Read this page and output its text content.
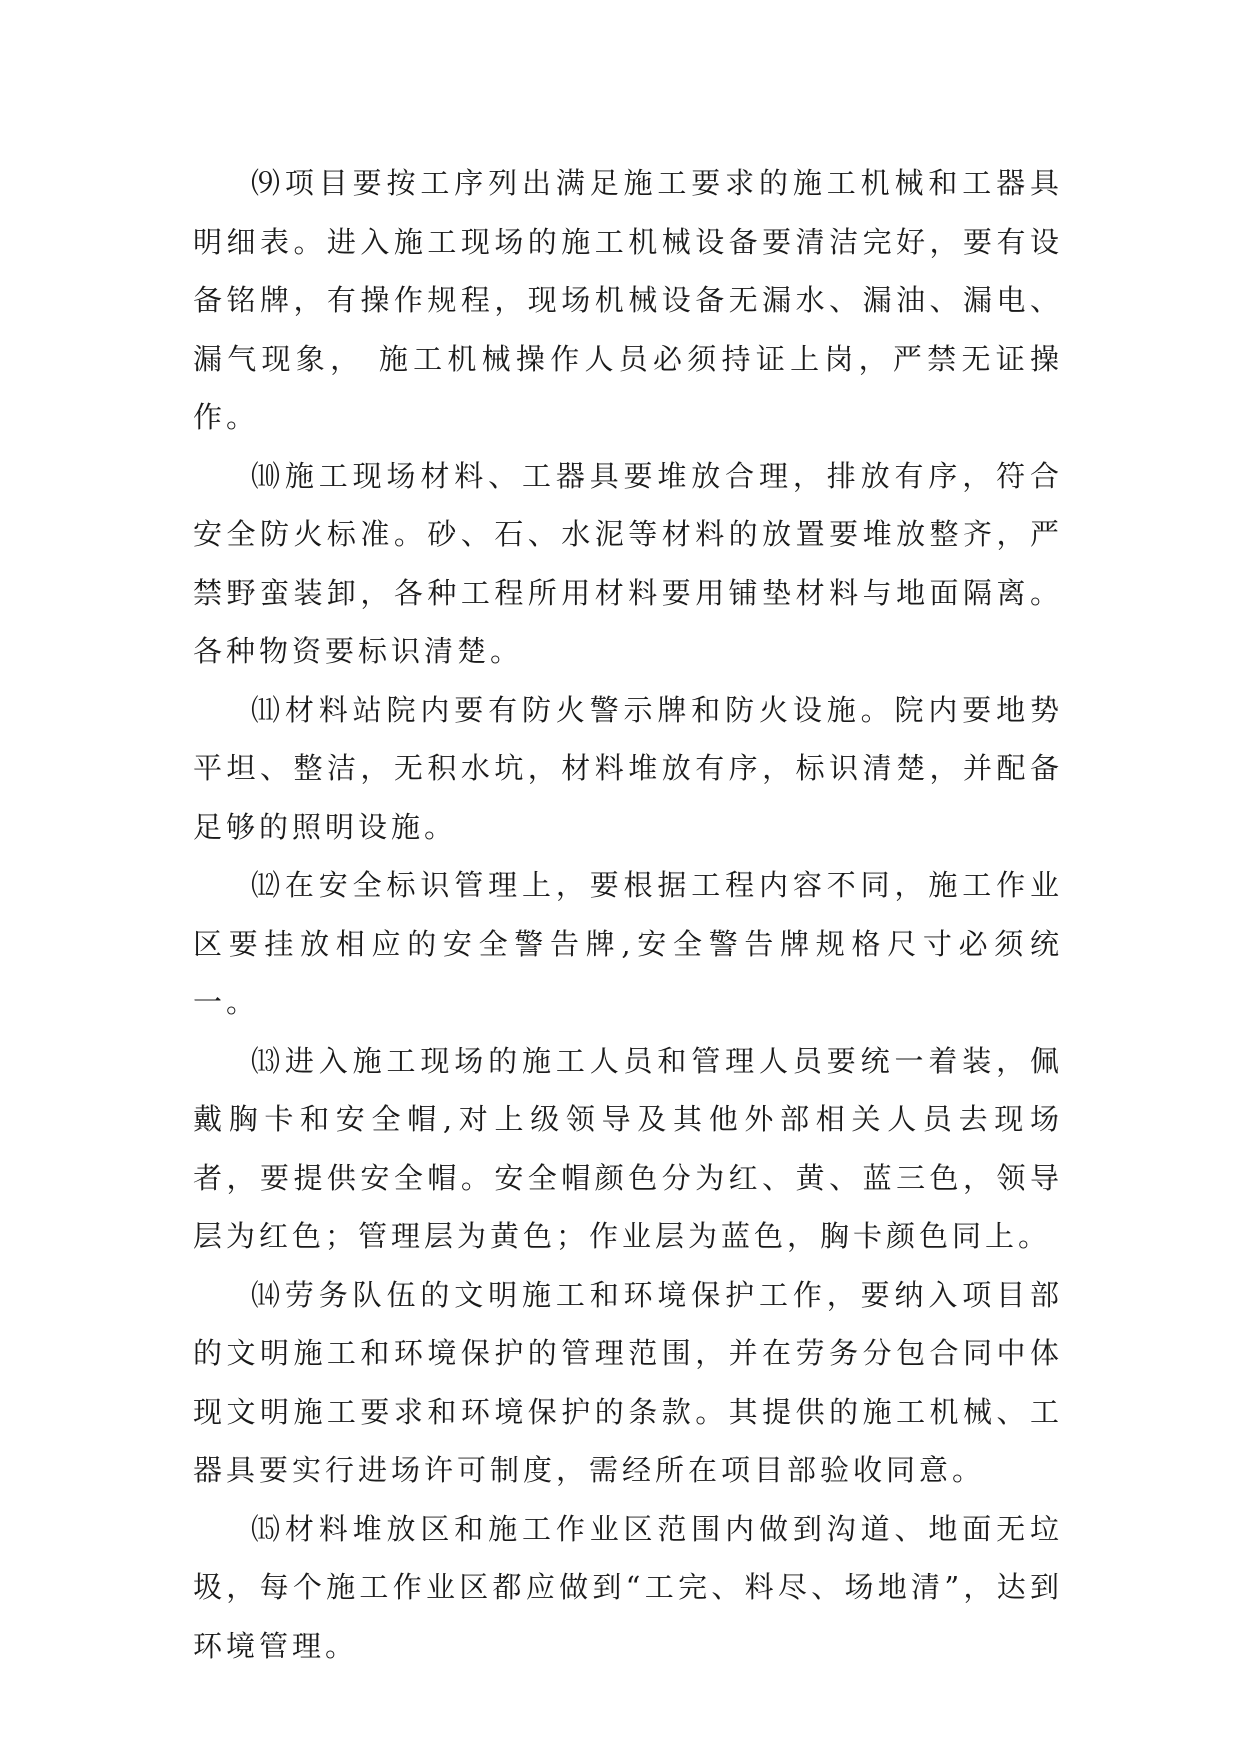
⑼项目要按工序列出满足施工要求的施工机械和工器具明细表。进入施工现场的施工机械设备要清洁完好，要有设备铭牌，有操作规程，现场机械设备无漏水、漏油、漏电、漏气现象， 施工机械操作人员必须持证上岗，严禁无证操作。

⑽施工现场材料、工器具要堆放合理，排放有序，符合安全防火标准。砂、石、水泥等材料的放置要堆放整齐，严禁野蛮装卸，各种工程所用材料要用铺垫材料与地面隔离。各种物资要标识清楚。

⑾材料站院内要有防火警示牌和防火设施。院内要地势平坦、整洁，无积水坑，材料堆放有序，标识清楚，并配备足够的照明设施。

⑿在安全标识管理上，要根据工程内容不同，施工作业区要挂放相应的安全警告牌,安全警告牌规格尺寸必须统一。

⒀进入施工现场的施工人员和管理人员要统一着装，佩戴胸卡和安全帽,对上级领导及其他外部相关人员去现场者，要提供安全帽。安全帽颜色分为红、黄、蓝三色，领导层为红色；管理层为黄色；作业层为蓝色，胸卡颜色同上。

⒁劳务队伍的文明施工和环境保护工作，要纳入项目部的文明施工和环境保护的管理范围，并在劳务分包合同中体现文明施工要求和环境保护的条款。其提供的施工机械、工器具要实行进场许可制度，需经所在项目部验收同意。

⒂材料堆放区和施工作业区范围内做到沟道、地面无垃圾，每个施工作业区都应做到“工完、料尽、场地清”，达到环境管理。
